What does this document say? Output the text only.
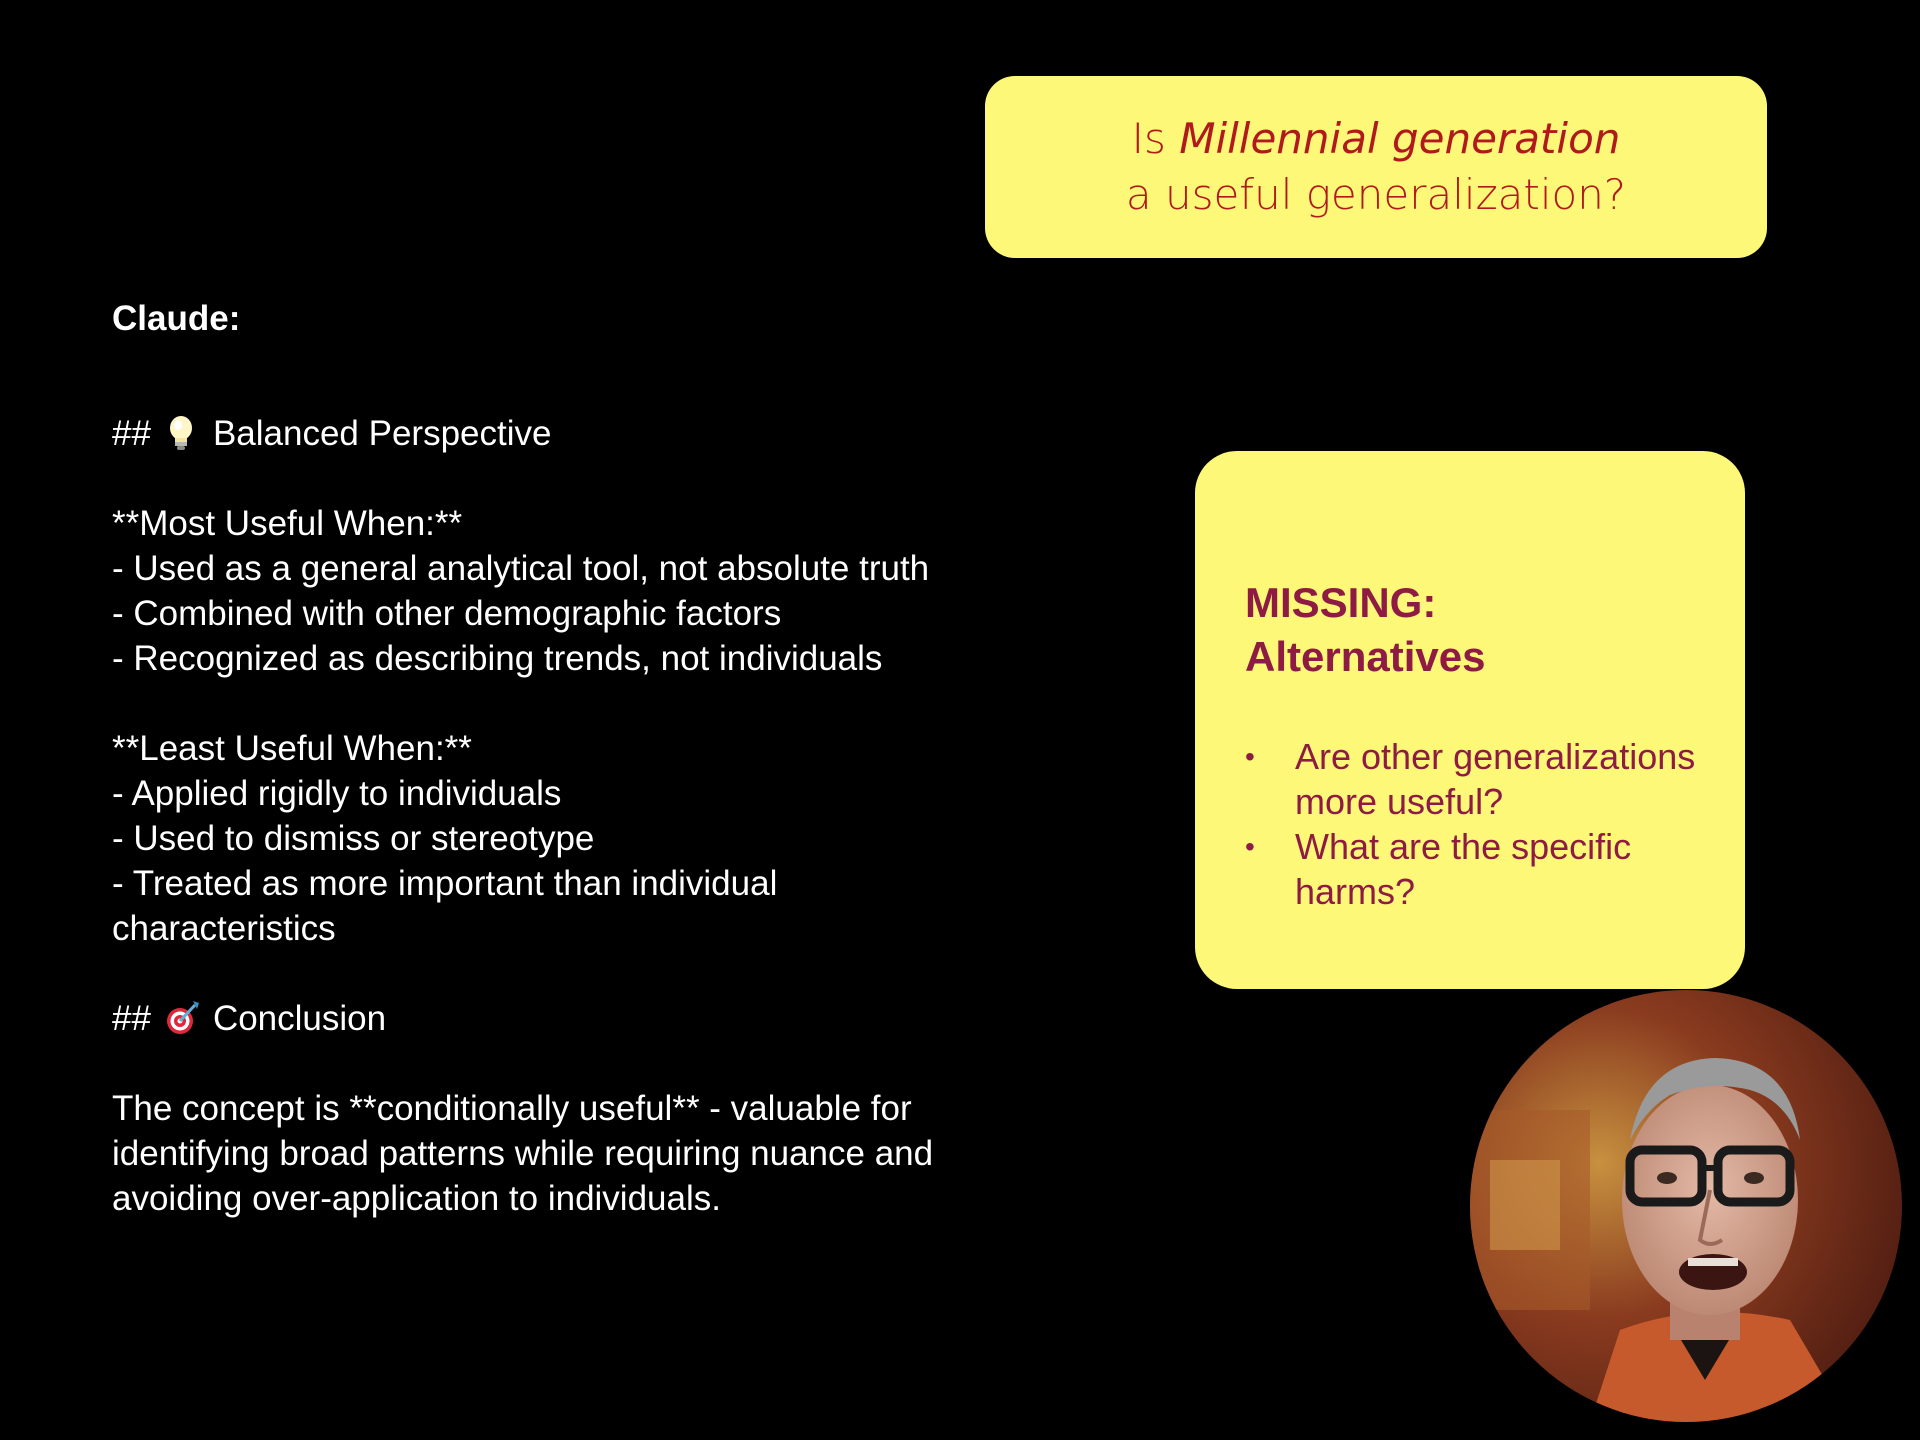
Is Millennial generation
a useful generalization?
Claude:
## Balanced Perspective
**Most Useful When:**
- Used as a general analytical tool, not absolute truth
- Combined with other demographic factors
- Recognized as describing trends, not individuals
**Least Useful When:**
- Applied rigidly to individuals
- Used to dismiss or stereotype
- Treated as more important than individual
characteristics
## Conclusion
The concept is **conditionally useful** - valuable for
identifying broad patterns while requiring nuance and
avoiding over-application to individuals.
MISSING:
Alternatives
• Are other generalizations
more useful?
• What are the specific
harms?
